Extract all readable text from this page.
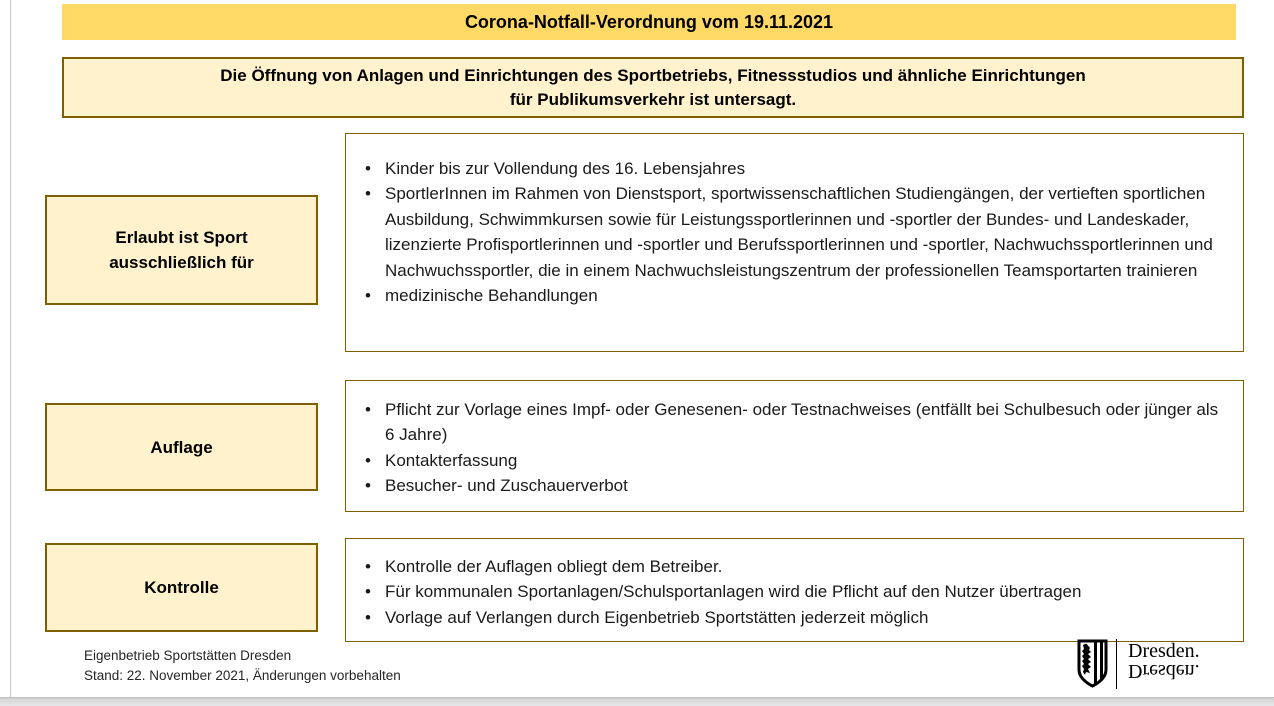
Corona-Notfall-Verordnung vom 19.11.2021
Die Öffnung von Anlagen und Einrichtungen des Sportbetriebs, Fitnessstudios und ähnliche Einrichtungen
für Publikumsverkehr ist untersagt.
Erlaubt ist Sport
ausschließlich für
• Kinder bis zur Vollendung des 16. Lebensjahres
• SportlerInnen im Rahmen von Dienstsport, sportwissenschaftlichen Studiengängen, der vertieften sportlichen Ausbildung, Schwimmkursen sowie für Leistungssportlerinnen und -sportler der Bundes- und Landeskader, lizenzierte Profisportlerinnen und -sportler und Berufssportlerinnen und -sportler, Nachwuchssportlerinnen und Nachwuchssportler, die in einem Nachwuchsleistungszentrum der professionellen Teamsportarten trainieren
• medizinische Behandlungen
Auflage
• Pflicht zur Vorlage eines Impf- oder Genesenen- oder Testnachweises (entfällt bei Schulbesuch oder jünger als 6 Jahre)
• Kontakterfassung
• Besucher- und Zuschauerverbot
Kontrolle
• Kontrolle der Auflagen obliegt dem Betreiber.
• Für kommunalen Sportanlagen/Schulsportanlagen wird die Pflicht auf den Nutzer übertragen
• Vorlage auf Verlangen durch Eigenbetrieb Sportstätten jederzeit möglich
Eigenbetrieb Sportstätten Dresden
Stand: 22. November 2021, Änderungen vorbehalten
Dresden.
Dresden.
